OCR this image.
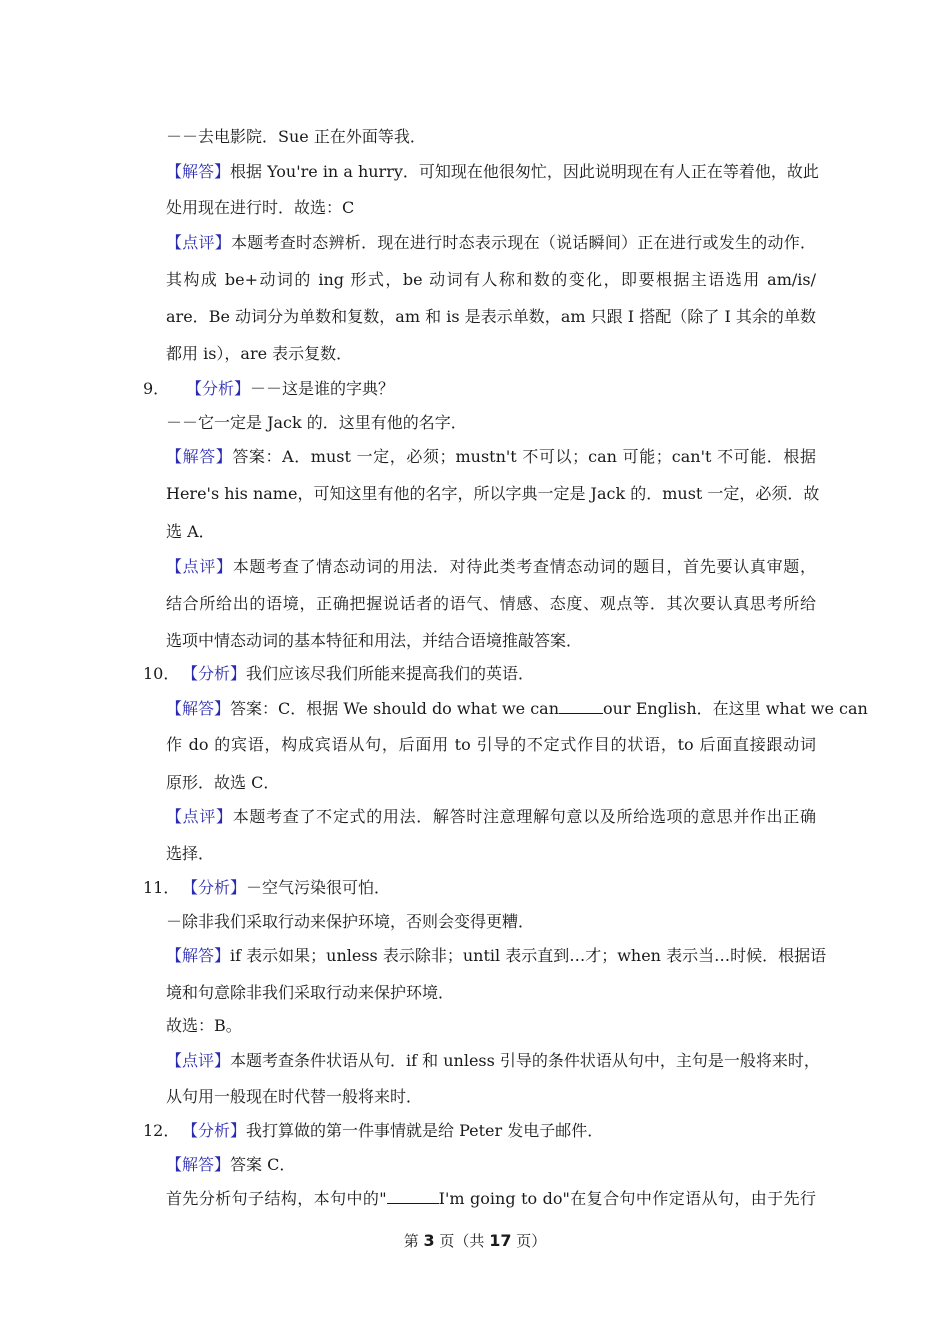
－－去电影院．Sue 正在外面等我．
【解答】根据 You're in a hurry．可知现在他很匆忙，因此说明现在有人正在等着他，故此
处用现在进行时．故选：C
【点评】本题考查时态辨析．现在进行时态表示现在（说话瞬间）正在进行或发生的动作．
其构成 be+动词的 ing 形式，be 动词有人称和数的变化，即要根据主语选用 am/is/
are．Be 动词分为单数和复数，am 和 is 是表示单数，am 只跟 I 搭配（除了 I 其余的单数
都用 is），are 表示复数．
9． 【分析】－－这是谁的字典？
－－它一定是 Jack 的．这里有他的名字．
【解答】答案：A．must 一定，必须；mustn't 不可以；can 可能；can't 不可能．根据
Here's his name，可知这里有他的名字，所以字典一定是 Jack 的．must 一定，必须．故
选 A．
【点评】本题考查了情态动词的用法．对待此类考查情态动词的题目，首先要认真审题，
结合所给出的语境，正确把握说话者的语气、情感、态度、观点等．其次要认真思考所给
选项中情态动词的基本特征和用法，并结合语境推敲答案．
10． 【分析】我们应该尽我们所能来提高我们的英语．
【解答】答案：C．根据 We should do what we can	our English．在这里 what we can
作 do 的宾语，构成宾语从句，后面用 to 引导的不定式作目的状语，to 后面直接跟动词
原形．故选 C．
【点评】本题考查了不定式的用法．解答时注意理解句意以及所给选项的意思并作出正确
选择．
11． 【分析】－空气污染很可怕．
－除非我们采取行动来保护环境，否则会变得更糟．
【解答】if 表示如果；unless 表示除非；until 表示直到…才；when 表示当…时候．根据语
境和句意除非我们采取行动来保护环境．
故选：B。
【点评】本题考查条件状语从句．if 和 unless 引导的条件状语从句中，主句是一般将来时，
从句用一般现在时代替一般将来时．
12． 【分析】我打算做的第一件事情就是给 Peter 发电子邮件．
【解答】答案 C．
首先分析句子结构，本句中的"	I'm going to do"在复合句中作定语从句，由于先行
第 3 页（共 17 页）
